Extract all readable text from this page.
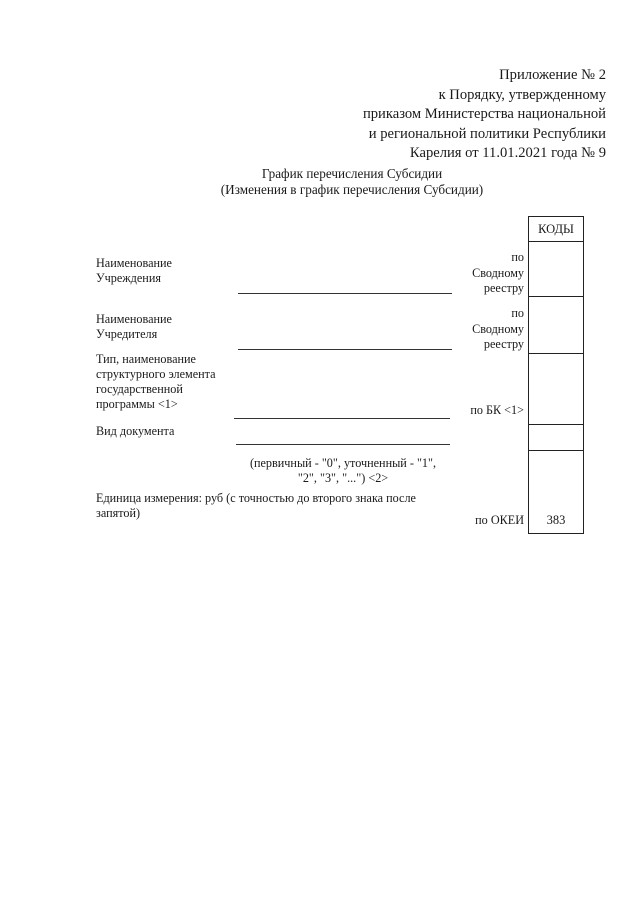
Приложение № 2
к Порядку, утвержденному
приказом Министерства национальной
и региональной политики Республики
Карелия от 11.01.2021 года № 9
График перечисления Субсидии
(Изменения в график перечисления Субсидии)
Наименование
Учреждения
Наименование
Учредителя
Тип, наименование
структурного элемента
государственной
программы <1>
Вид документа
(первичный - "0", уточненный - "1",
"2", "3", "...") <2>
Единица измерения: руб (с точностью до второго знака после запятой)
по
Сводному
реестру
по
Сводному
реестру
по БК <1>
по ОКЕИ
КОДЫ
383
